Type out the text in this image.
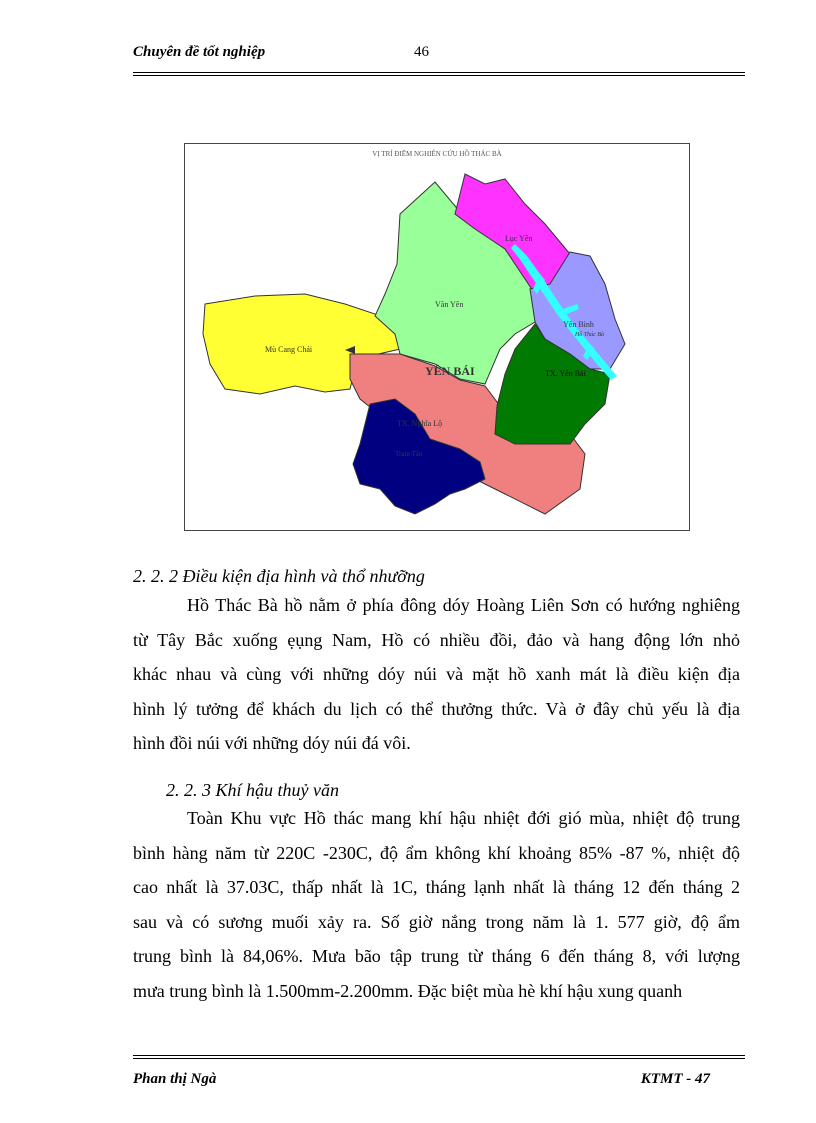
Chuyên đề tốt nghiệp	46
VỊ TRÍ ĐIỂM NGHIÊN CỨU HỒ THÁC BÀ
Lục Yên
Văn Yên
Yên Bình
Hồ Thác Bà
Mù Cang Chải
YÊN BÁI	TX. Yên Bái
TX. Nghĩa Lộ
Trạm Tấu
2. 2. 2 Điều kiện địa hình và thổ nhưỡng
Hồ Thác Bà hồ nằm ở phía đông dóy Hoàng Liên Sơn có hướng nghiêng
từ Tây Bắc xuống ẹụng Nam, Hồ có nhiều đồi, đảo và hang động lớn nhỏ
khác nhau và cùng với những dóy núi và mặt hồ xanh mát là điều kiện địa
hình lý tưởng để khách du lịch có thể thưởng thức. Và ở đây chủ yếu là địa
hình đồi núi với những dóy núi đá vôi.
2. 2. 3 Khí hậu thuỷ văn
Toàn Khu vực Hồ thác mang khí hậu nhiệt đới gió mùa, nhiệt độ trung
bình hàng năm từ 220C -230C, độ ẩm không khí khoảng 85% -87 %, nhiệt độ
cao nhất là 37.03C, thấp nhất là 1C, tháng lạnh nhất là tháng 12 đến tháng 2
sau và có sương muối xảy ra. Số giờ nắng trong năm là 1. 577 giờ, độ ẩm
trung bình là 84,06%. Mưa bão tập trung từ tháng 6 đến tháng 8, với lượng
mưa trung bình là 1.500mm-2.200mm. Đặc biệt mùa hè khí hậu xung quanh
Phan thị Ngà	KTMT - 47
